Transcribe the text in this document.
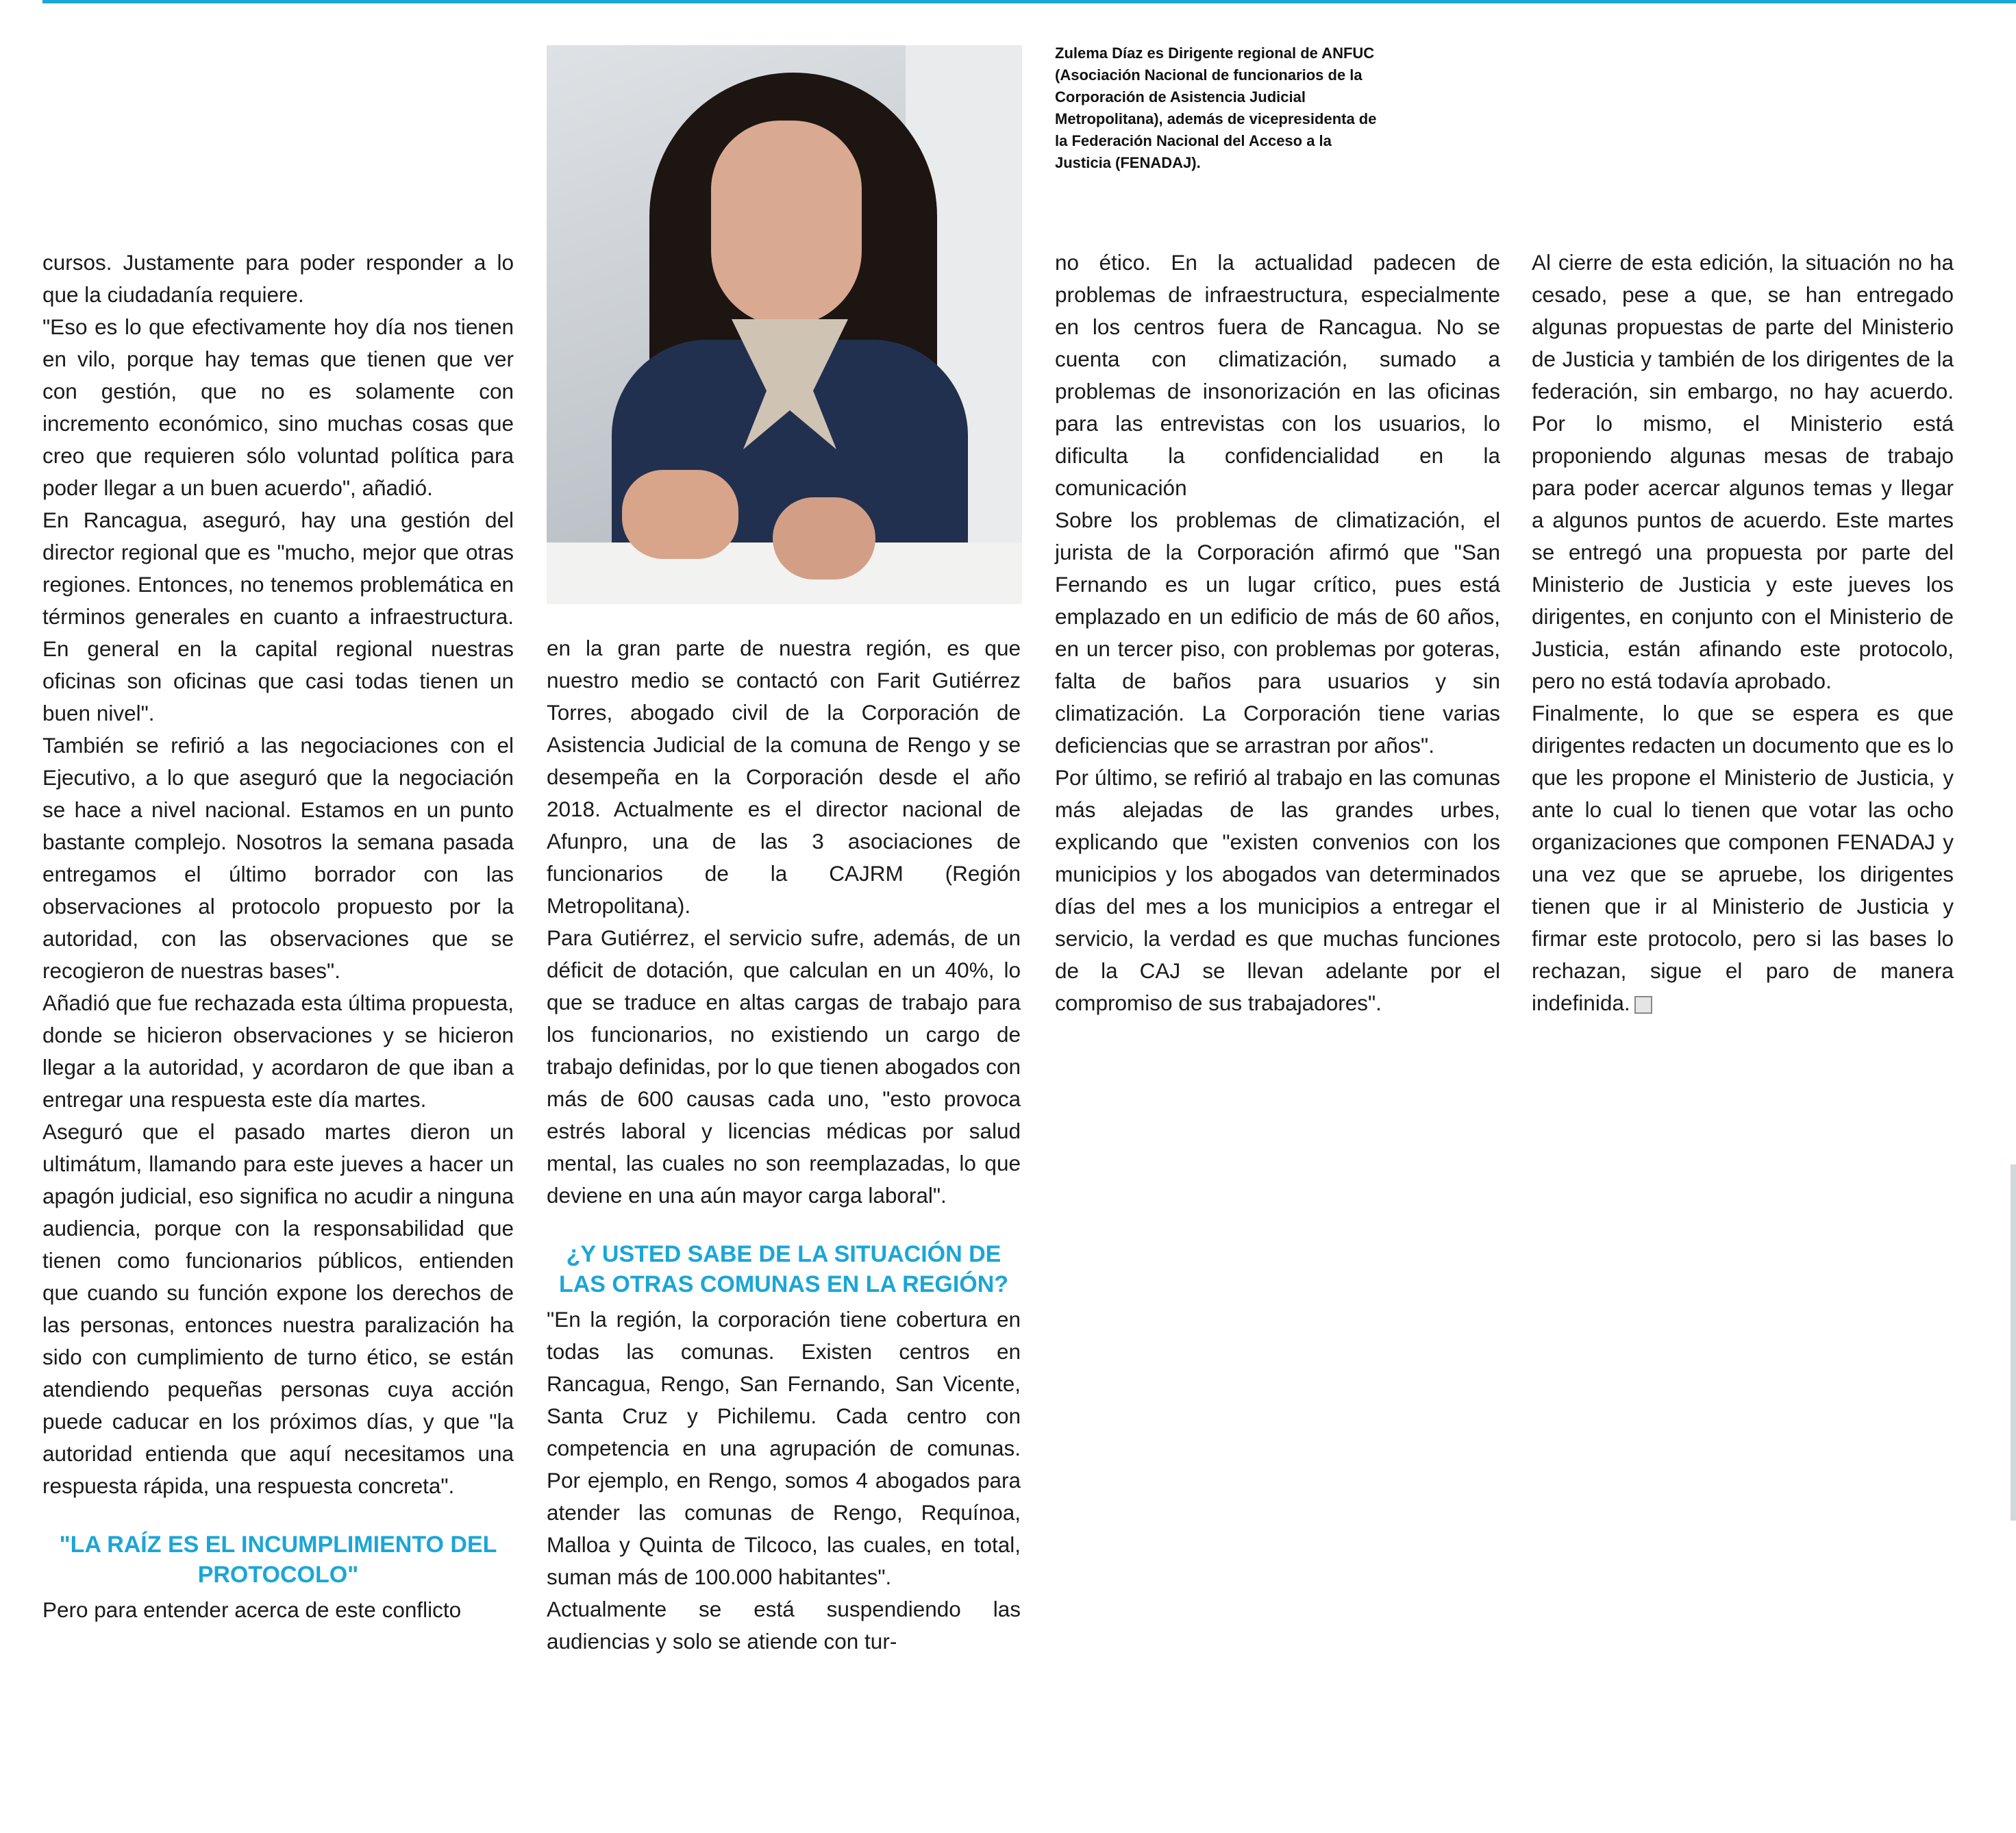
Zulema Díaz es Dirigente regional de ANFUC (Asociación Nacional de funcionarios de la Corporación de Asistencia Judicial Metropolitana), además de vicepresidenta de la Federación Nacional del Acceso a la Justicia (FENADAJ).

cursos. Justamente para poder responder a lo que la ciudadanía requiere.

"Eso es lo que efectivamente hoy día nos tienen en vilo, porque hay temas que tienen que ver con gestión, que no es solamente con incremento económico, sino muchas cosas que creo que requieren sólo voluntad política para poder llegar a un buen acuerdo", añadió.

En Rancagua, aseguró, hay una gestión del director regional que es "mucho, mejor que otras regiones. Entonces, no tenemos problemática en términos generales en cuanto a infraestructura. En general en la capital regional nuestras oficinas son oficinas que casi todas tienen un buen nivel".

También se refirió a las negociaciones con el Ejecutivo, a lo que aseguró que la negociación se hace a nivel nacional. Estamos en un punto bastante complejo. Nosotros la semana pasada entregamos el último borrador con las observaciones al protocolo propuesto por la autoridad, con las observaciones que se recogieron de nuestras bases".

Añadió que fue rechazada esta última propuesta, donde se hicieron observaciones y se hicieron llegar a la autoridad, y acordaron de que iban a entregar una respuesta este día martes.

Aseguró que el pasado martes dieron un ultimátum, llamando para este jueves a hacer un apagón judicial, eso significa no acudir a ninguna audiencia, porque con la responsabilidad que tienen como funcionarios públicos, entienden que cuando su función expone los derechos de las personas, entonces nuestra paralización ha sido con cumplimiento de turno ético, se están atendiendo pequeñas personas cuya acción puede caducar en los próximos días, y que "la autoridad entienda que aquí necesitamos una respuesta rápida, una respuesta concreta".

"LA RAÍZ ES EL INCUMPLIMIENTO DEL PROTOCOLO"

Pero para entender acerca de este conflicto

en la gran parte de nuestra región, es que nuestro medio se contactó con Farit Gutiérrez Torres, abogado civil de la Corporación de Asistencia Judicial de la comuna de Rengo y se desempeña en la Corporación desde el año 2018. Actualmente es el director nacional de Afunpro, una de las 3 asociaciones de funcionarios de la CAJRM (Región Metropolitana).

Para Gutiérrez, el servicio sufre, además, de un déficit de dotación, que calculan en un 40%, lo que se traduce en altas cargas de trabajo para los funcionarios, no existiendo un cargo de trabajo definidas, por lo que tienen abogados con más de 600 causas cada uno, "esto provoca estrés laboral y licencias médicas por salud mental, las cuales no son reemplazadas, lo que deviene en una aún mayor carga laboral".

¿Y USTED SABE DE LA SITUACIÓN DE LAS OTRAS COMUNAS EN LA REGIÓN?

"En la región, la corporación tiene cobertura en todas las comunas. Existen centros en Rancagua, Rengo, San Fernando, San Vicente, Santa Cruz y Pichilemu. Cada centro con competencia en una agrupación de comunas. Por ejemplo, en Rengo, somos 4 abogados para atender las comunas de Rengo, Requínoa, Malloa y Quinta de Tilcoco, las cuales, en total, suman más de 100.000 habitantes".

Actualmente se está suspendiendo las audiencias y solo se atiende con tur-

no ético. En la actualidad padecen de problemas de infraestructura, especialmente en los centros fuera de Rancagua. No se cuenta con climatización, sumado a problemas de insonorización en las oficinas para las entrevistas con los usuarios, lo dificulta la confidencialidad en la comunicación

Sobre los problemas de climatización, el jurista de la Corporación afirmó que "San Fernando es un lugar crítico, pues está emplazado en un edificio de más de 60 años, en un tercer piso, con problemas por goteras, falta de baños para usuarios y sin climatización. La Corporación tiene varias deficiencias que se arrastran por años".

Por último, se refirió al trabajo en las comunas más alejadas de las grandes urbes, explicando que "existen convenios con los municipios y los abogados van determinados días del mes a los municipios a entregar el servicio, la verdad es que muchas funciones de la CAJ se llevan adelante por el compromiso de sus trabajadores".

Al cierre de esta edición, la situación no ha cesado, pese a que, se han entregado algunas propuestas de parte del Ministerio de Justicia y también de los dirigentes de la federación, sin embargo, no hay acuerdo. Por lo mismo, el Ministerio está proponiendo algunas mesas de trabajo para poder acercar algunos temas y llegar a algunos puntos de acuerdo. Este martes se entregó una propuesta por parte del Ministerio de Justicia y este jueves los dirigentes, en conjunto con el Ministerio de Justicia, están afinando este protocolo, pero no está todavía aprobado.

Finalmente, lo que se espera es que dirigentes redacten un documento que es lo que les propone el Ministerio de Justicia, y ante lo cual lo tienen que votar las ocho organizaciones que componen FENADAJ y una vez que se apruebe, los dirigentes tienen que ir al Ministerio de Justicia y firmar este protocolo, pero si las bases lo rechazan, sigue el paro de manera indefinida.
